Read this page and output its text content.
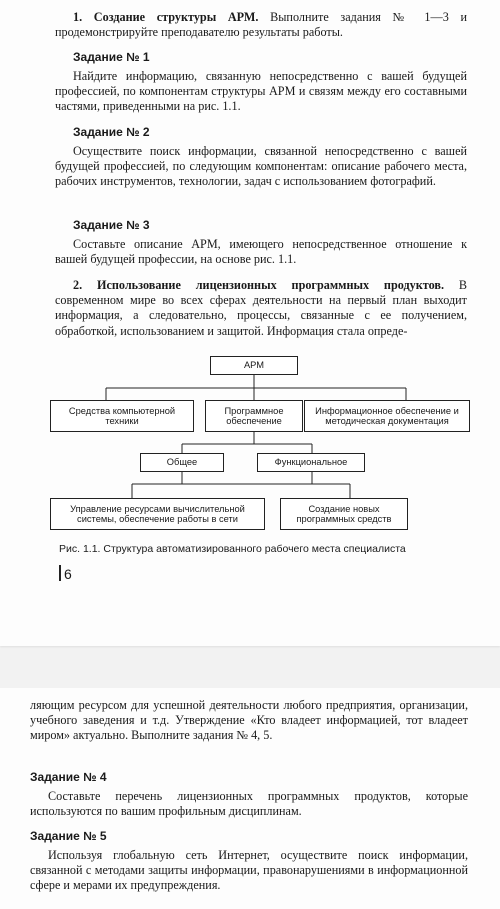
1. Создание структуры АРМ. Выполните задания № 1—3 и продемонстрируйте преподавателю результаты работы.
Задание № 1
Найдите информацию, связанную непосредственно с вашей будущей профессией, по компонентам структуры АРМ и связям между его составными частями, приведенными на рис. 1.1.
Задание № 2
Осуществите поиск информации, связанной непосредственно с вашей будущей профессией, по следующим компонентам: описание рабочего места, рабочих инструментов, технологии, задач с использованием фотографий.
Задание № 3
Составьте описание АРМ, имеющего непосредственное отношение к вашей будущей профессии, на основе рис. 1.1.
2. Использование лицензионных программных продуктов. В современном мире во всех сферах деятельности на первый план выходит информация, а следовательно, процессы, связанные с ее получением, обработкой, использованием и защитой. Информация стала опреде-
АРМ
Средства компьютерной техники
Программное обеспечение
Информационное обеспечение и методическая документация
Общее	Функциональное
Управление ресурсами вычислительной системы, обеспечение работы в сети
Создание новых программных средств
Рис. 1.1. Структура автоматизированного рабочего места специалиста
6
ляющим ресурсом для успешной деятельности любого предприятия, организации, учебного заведения и т.д. Утверждение «Кто владеет информацией, тот владеет миром» актуально. Выполните задания № 4, 5.
Задание № 4
Составьте перечень лицензионных программных продуктов, которые используются по вашим профильным дисциплинам.
Задание № 5
Используя глобальную сеть Интернет, осуществите поиск информации, связанной с методами защиты информации, правонарушениями в информационной сфере и мерами их предупреждения.
